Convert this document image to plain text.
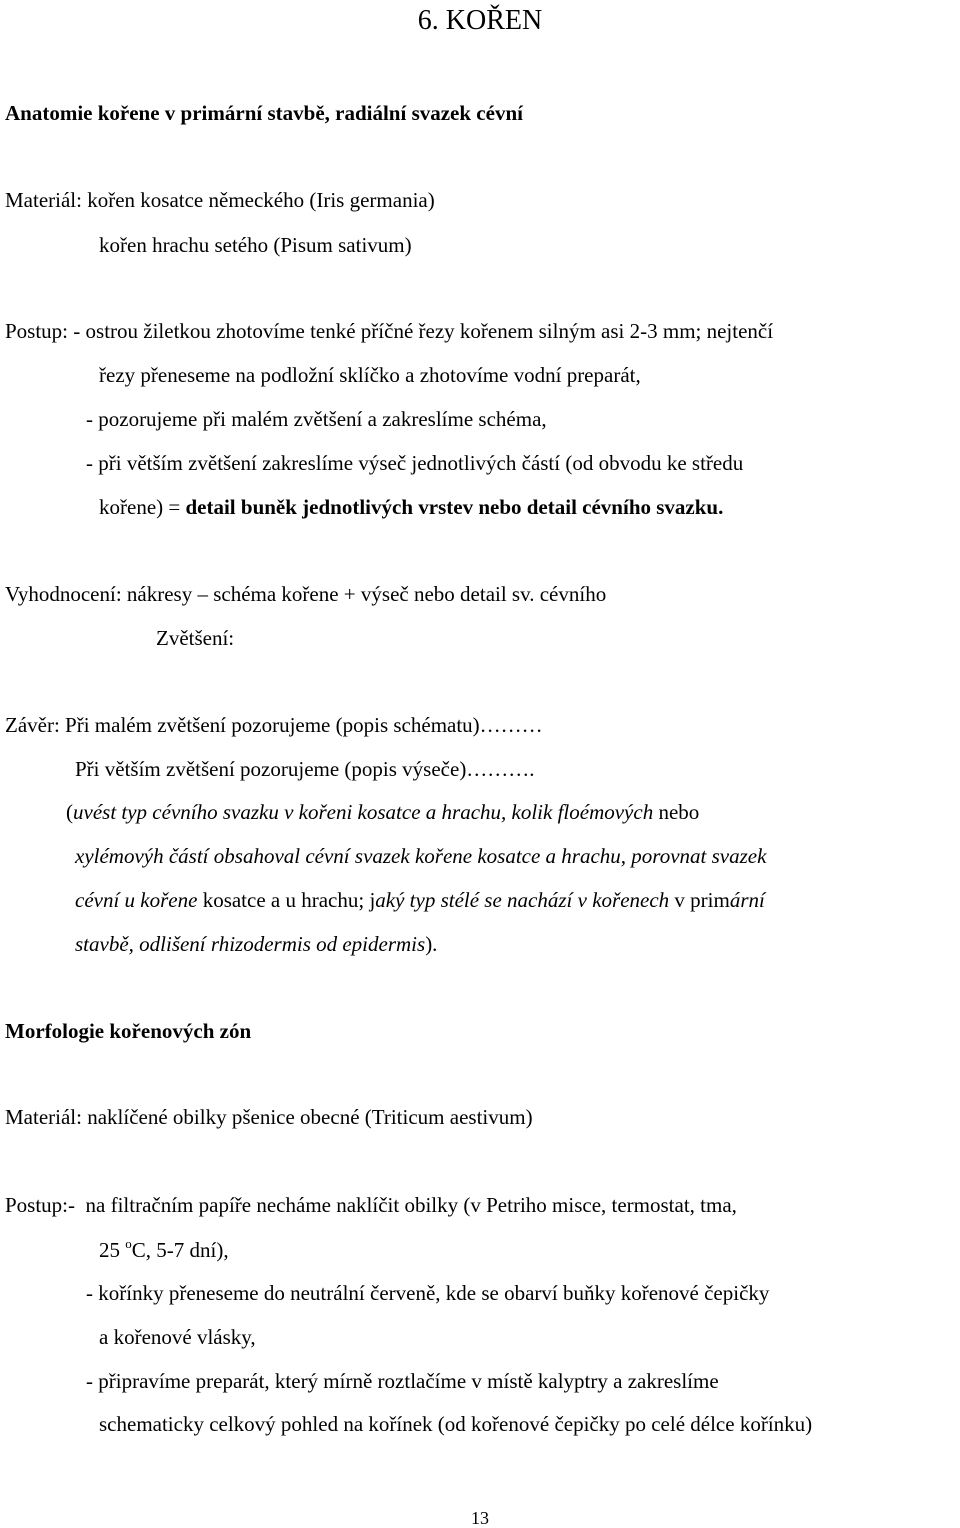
6. KOŘEN
Anatomie kořene v primární stavbě, radiální svazek cévní
Materiál: kořen kosatce německého (Iris germania)
kořen hrachu setého (Pisum sativum)
Postup: - ostrou žiletkou zhotovíme tenké příčné řezy kořenem silným asi 2-3 mm; nejtenčí
řezy přeneseme na podložní sklíčko a zhotovíme vodní preparát,
- pozorujeme při malém zvětšení a zakreslíme schéma,
- při větším zvětšení zakreslíme výseč jednotlivých částí (od obvodu ke středu
kořene) = detail buněk jednotlivých vrstev nebo detail cévního svazku.
Vyhodnocení: nákresy – schéma kořene + výseč nebo detail sv. cévního
Zvětšení:
Závěr: Při malém zvětšení pozorujeme (popis schématu)………
Při větším zvětšení pozorujeme (popis výseče)……….
(uvést typ cévního svazku v kořeni kosatce a hrachu, kolik floémových nebo
xylémovýh částí obsahoval cévní svazek kořene kosatce a hrachu, porovnat svazek
cévní u kořene kosatce a u hrachu; jaký typ stélé se nachází v kořenech v primární
stavbě, odlišení rhizodermis od epidermis).
Morfologie kořenových zón
Materiál: naklíčené obilky pšenice obecné (Triticum aestivum)
Postup:- na filtračním papíře necháme naklíčit obilky (v Petriho misce, termostat, tma,
25 $^o$C, 5-7 dní),
- kořínky přeneseme do neutrální červeně, kde se obarví buňky kořenové čepičky
a kořenové vlásky,
- připravíme preparát, který mírně roztlačíme v místě kalyptry a zakreslíme
schematicky celkový pohled na kořínek (od kořenové čepičky po celé délce kořínku)
13
